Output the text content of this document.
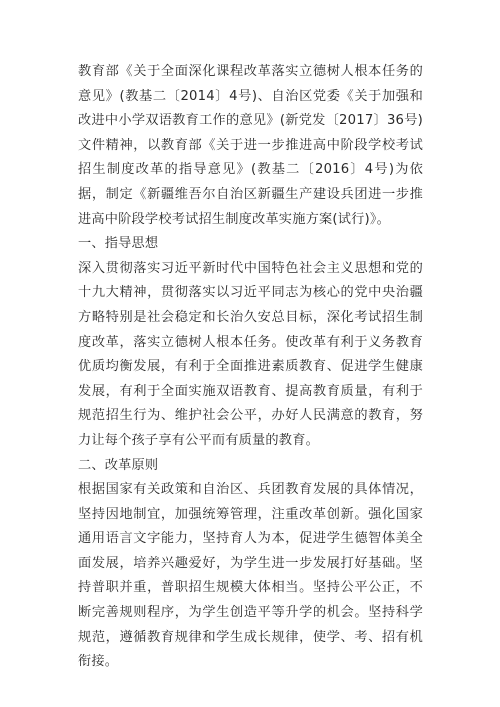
教育部《关于全面深化课程改革落实立德树人根本任务的意见》(教基二〔2014〕4号)、自治区党委《关于加强和改进中小学双语教育工作的意见》(新党发〔2017〕36号)文件精神，以教育部《关于进一步推进高中阶段学校考试招生制度改革的指导意见》(教基二〔2016〕4号)为依据，制定《新疆维吾尔自治区新疆生产建设兵团进一步推进高中阶段学校考试招生制度改革实施方案(试行)》。

一、指导思想

深入贯彻落实习近平新时代中国特色社会主义思想和党的十九大精神，贯彻落实以习近平同志为核心的党中央治疆方略特别是社会稳定和长治久安总目标，深化考试招生制度改革，落实立德树人根本任务。使改革有利于义务教育优质均衡发展，有利于全面推进素质教育、促进学生健康发展，有利于全面实施双语教育、提高教育质量，有利于规范招生行为、维护社会公平，办好人民满意的教育，努力让每个孩子享有公平而有质量的教育。

二、改革原则

根据国家有关政策和自治区、兵团教育发展的具体情况，坚持因地制宜，加强统筹管理，注重改革创新。强化国家通用语言文字能力，坚持育人为本，促进学生德智体美全面发展，培养兴趣爱好，为学生进一步发展打好基础。坚持普职并重，普职招生规模大体相当。坚持公平公正，不断完善规则程序，为学生创造平等升学的机会。坚持科学规范，遵循教育规律和学生成长规律，使学、考、招有机衔接。
